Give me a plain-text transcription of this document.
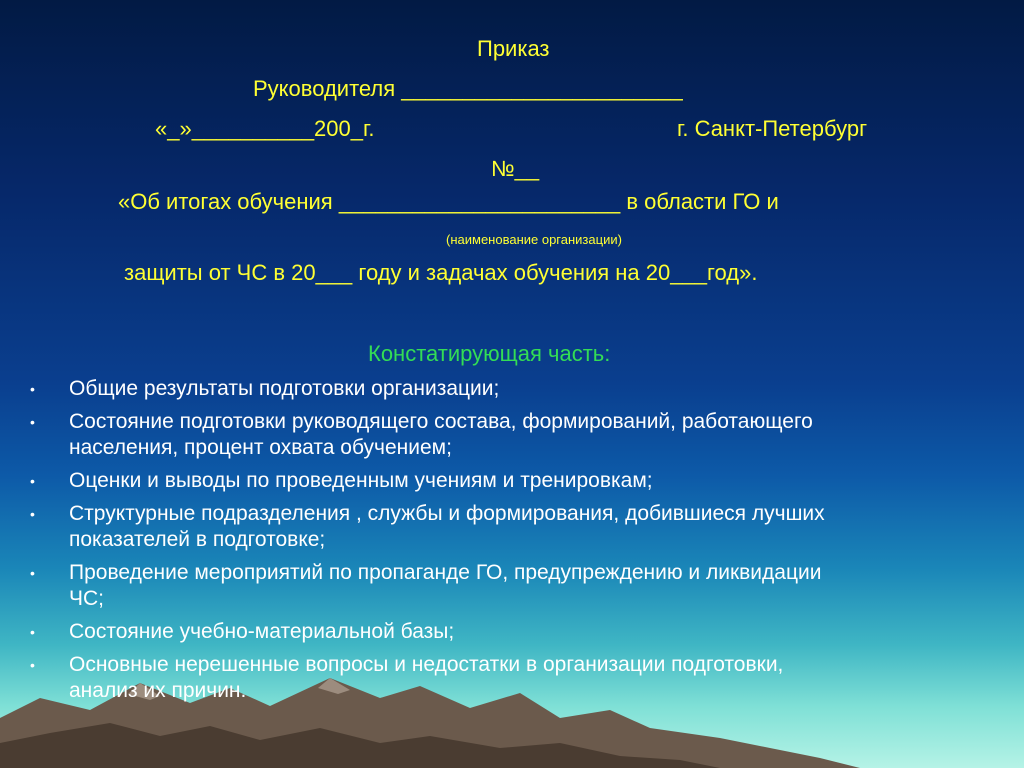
Приказ
Руководителя _______________________
«_»__________200_г.	г. Санкт-Петербург
№__
«Об итогах обучения _______________________ в области ГО и
(наименование организации)
защиты от ЧС в 20___ году и задачах обучения на 20___год».
Констатирующая часть:
• Общие результаты подготовки организации;
• Состояние подготовки руководящего состава, формирований, работающего
населения, процент охвата обучением;
• Оценки и выводы по проведенным учениям и тренировкам;
• Структурные подразделения , службы и формирования, добившиеся лучших
показателей в подготовке;
• Проведение мероприятий по пропаганде ГО, предупреждению и ликвидации
ЧС;
• Состояние учебно-материальной базы;
• Основные нерешенные вопросы и недостатки в организации подготовки,
анализ их причин.
